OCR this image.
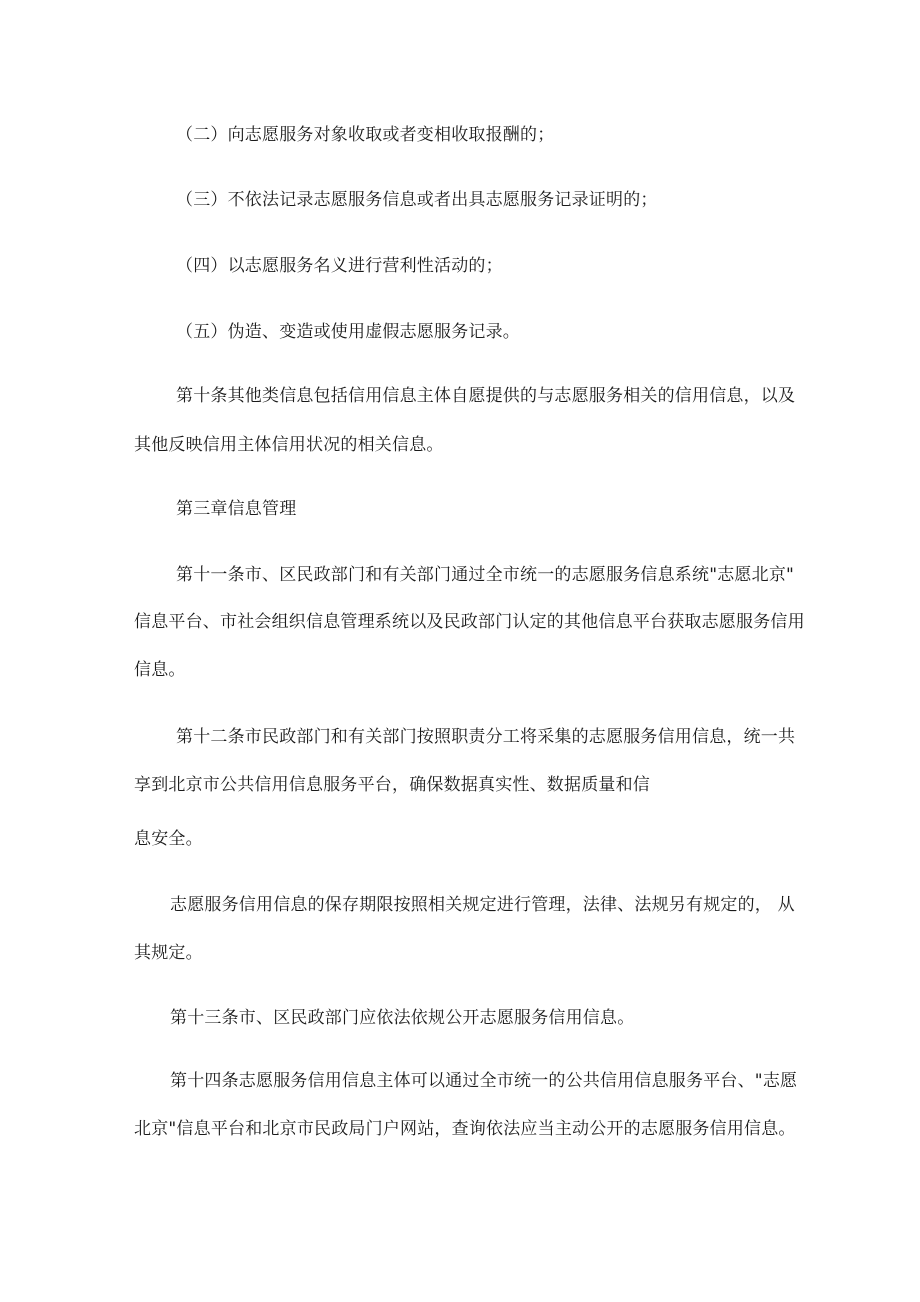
（二）向志愿服务对象收取或者变相收取报酬的；
（三）不依法记录志愿服务信息或者出具志愿服务记录证明的；
（四）以志愿服务名义进行营利性活动的；
（五）伪造、变造或使用虚假志愿服务记录。
第十条其他类信息包括信用信息主体自愿提供的与志愿服务相关的信用信息，以及
其他反映信用主体信用状况的相关信息。
第三章信息管理
第十一条市、区民政部门和有关部门通过全市统一的志愿服务信息系统"志愿北京"
信息平台、市社会组织信息管理系统以及民政部门认定的其他信息平台获取志愿服务信用
信息。
第十二条市民政部门和有关部门按照职责分工将采集的志愿服务信用信息，统一共
享到北京市公共信用信息服务平台，确保数据真实性、数据质量和信
息安全。
志愿服务信用信息的保存期限按照相关规定进行管理，法律、法规另有规定的， 从
其规定。
第十三条市、区民政部门应依法依规公开志愿服务信用信息。
第十四条志愿服务信用信息主体可以通过全市统一的公共信用信息服务平台、"志愿
北京"信息平台和北京市民政局门户网站，查询依法应当主动公开的志愿服务信用信息。
